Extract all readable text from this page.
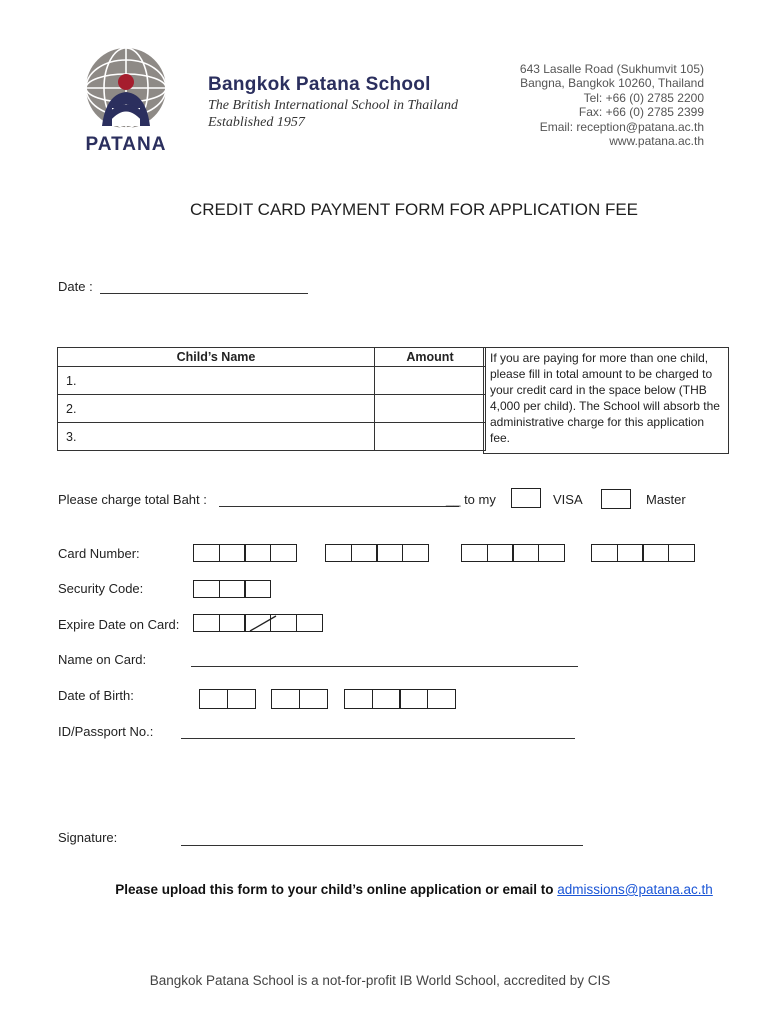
PATANA
Bangkok Patana School
The British International School in Thailand
Established 1957
643 Lasalle Road (Sukhumvit 105)
Bangna, Bangkok 10260, Thailand
Tel: +66 (0) 2785 2200
Fax: +66 (0) 2785 2399
Email: reception@patana.ac.th
www.patana.ac.th
CREDIT CARD PAYMENT FORM FOR APPLICATION FEE
Date :
Child’s Name	Amount
1.	
2.	
3.	
If you are paying for more than one child, please fill in total amount to be charged to your credit card in the space below (THB 4,000 per child). The School will absorb the administrative charge for this application fee.
Please charge total Baht :	__ to my	VISA	Master
Card Number:
Security Code:
Expire Date on Card:
Name on Card:
Date of Birth:
ID/Passport No.:
Signature:
Please upload this form to your child’s online application or email to admissions@patana.ac.th
Bangkok Patana School is a not-for-profit IB World School, accredited by CIS
